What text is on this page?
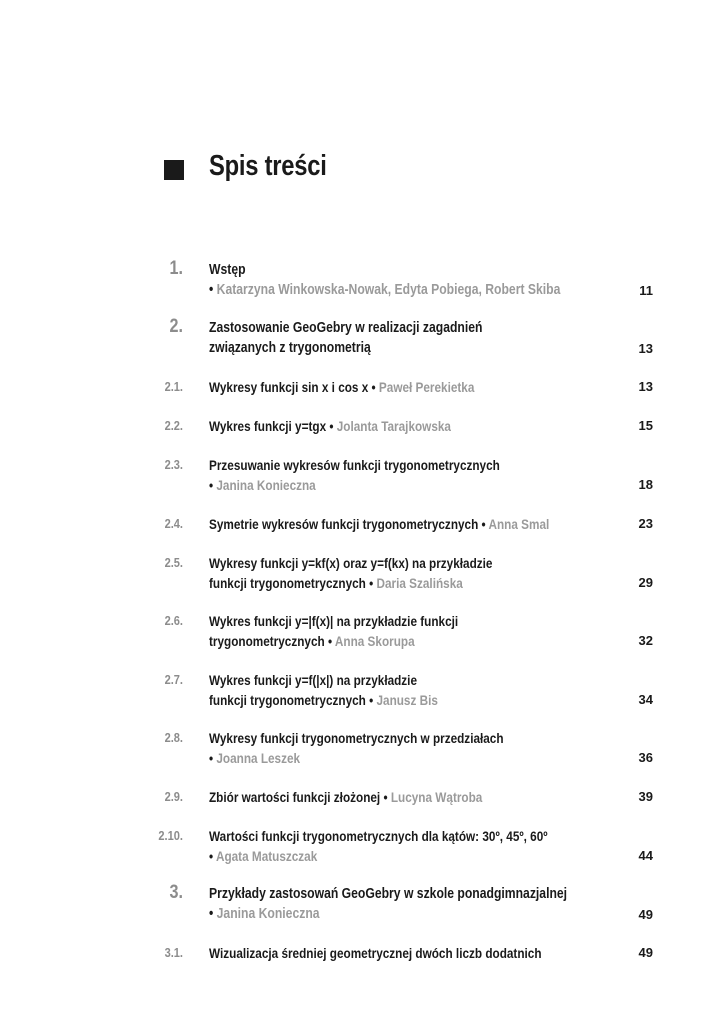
Spis treści
1. Wstęp
• Katarzyna Winkowska-Nowak, Edyta Pobiega, Robert Skiba	11
2. Zastosowanie GeoGebry w realizacji zagadnień
związanych z trygonometrią	13
2.1. Wykresy funkcji sin x i cos x • Paweł Perekietka	13
2.2. Wykres funkcji y=tgx • Jolanta Tarajkowska	15
2.3. Przesuwanie wykresów funkcji trygonometrycznych
• Janina Konieczna	18
2.4. Symetrie wykresów funkcji trygonometrycznych • Anna Smal	23
2.5. Wykresy funkcji y=kf(x) oraz y=f(kx) na przykładzie
funkcji trygonometrycznych • Daria Szalińska	29
2.6. Wykres funkcji y=|f(x)| na przykładzie funkcji
trygonometrycznych • Anna Skorupa	32
2.7. Wykres funkcji y=f(|x|) na przykładzie
funkcji trygonometrycznych • Janusz Bis	34
2.8. Wykresy funkcji trygonometrycznych w przedziałach
• Joanna Leszek	36
2.9. Zbiór wartości funkcji złożonej • Lucyna Wątroba	39
2.10. Wartości funkcji trygonometrycznych dla kątów: 30º, 45º, 60º
• Agata Matuszczak	44
3. Przykłady zastosowań GeoGebry w szkole ponadgimnazjalnej
• Janina Konieczna	49
3.1. Wizualizacja średniej geometrycznej dwóch liczb dodatnich	49
